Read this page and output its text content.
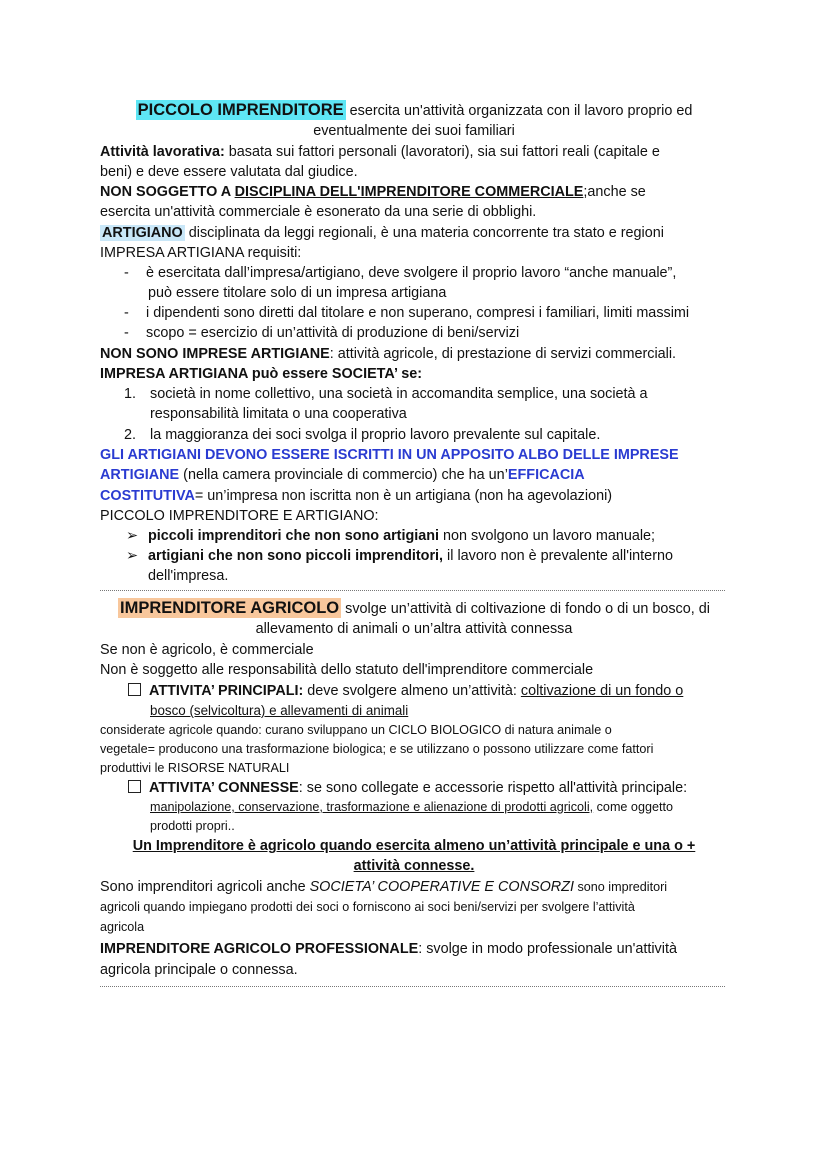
PICCOLO IMPRENDITORE esercita un'attività organizzata con il lavoro proprio ed
eventualmente dei suoi familiari
Attività lavorativa: basata sui fattori personali (lavoratori), sia sui fattori reali (capitale e
beni) e deve essere valutata dal giudice.
NON SOGGETTO A DISCIPLINA DELL'IMPRENDITORE COMMERCIALE;anche se
esercita un'attività commerciale è esonerato da una serie di obblighi.
ARTIGIANO disciplinata da leggi regionali, è una materia concorrente tra stato e regioni
IMPRESA ARTIGIANA requisiti:
- è esercitata dall’impresa/artigiano, deve svolgere il proprio lavoro “anche manuale”,
può essere titolare solo di un impresa artigiana
- i dipendenti sono diretti dal titolare e non superano, compresi i familiari, limiti massimi
- scopo = esercizio di un’attività di produzione di beni/servizi
NON SONO IMPRESE ARTIGIANE: attività agricole, di prestazione di servizi commerciali.
IMPRESA ARTIGIANA può essere SOCIETA’ se:
1. società in nome collettivo, una società in accomandita semplice, una società a
responsabilità limitata o una cooperativa
2. la maggioranza dei soci svolga il proprio lavoro prevalente sul capitale.
GLI ARTIGIANI DEVONO ESSERE ISCRITTI IN UN APPOSITO ALBO DELLE IMPRESE
ARTIGIANE (nella camera provinciale di commercio) che ha un’EFFICACIA
COSTITUTIVA= un’impresa non iscritta non è un artigiana (non ha agevolazioni)
PICCOLO IMPRENDITORE E ARTIGIANO:
➢ piccoli imprenditori che non sono artigiani non svolgono un lavoro manuale;
➢ artigiani che non sono piccoli imprenditori, il lavoro non è prevalente all'interno
dell'impresa.
IMPRENDITORE AGRICOLO svolge un’attività di coltivazione di fondo o di un bosco, di
allevamento di animali o un’altra attività connessa
Se non è agricolo, è commerciale
Non è soggetto alle responsabilità dello statuto dell'imprenditore commerciale
ATTIVITA’ PRINCIPALI: deve svolgere almeno un’attività: coltivazione di un fondo o
bosco (selvicoltura) e allevamenti di animali
considerate agricole quando: curano sviluppano un CICLO BIOLOGICO di natura animale o
vegetale= producono una trasformazione biologica; e se utilizzano o possono utilizzare come fattori
produttivi le RISORSE NATURALI
ATTIVITA’ CONNESSE: se sono collegate e accessorie rispetto all'attività principale:
manipolazione, conservazione, trasformazione e alienazione di prodotti agricoli, come oggetto
prodotti propri..
Un Imprenditore è agricolo quando esercita almeno un’attività principale e una o +
attività connesse.
Sono imprenditori agricoli anche SOCIETA’ COOPERATIVE E CONSORZI sono impreditori
agricoli quando impiegano prodotti dei soci o forniscono ai soci beni/servizi per svolgere l’attività
agricola
IMPRENDITORE AGRICOLO PROFESSIONALE: svolge in modo professionale un'attività
agricola principale o connessa.
